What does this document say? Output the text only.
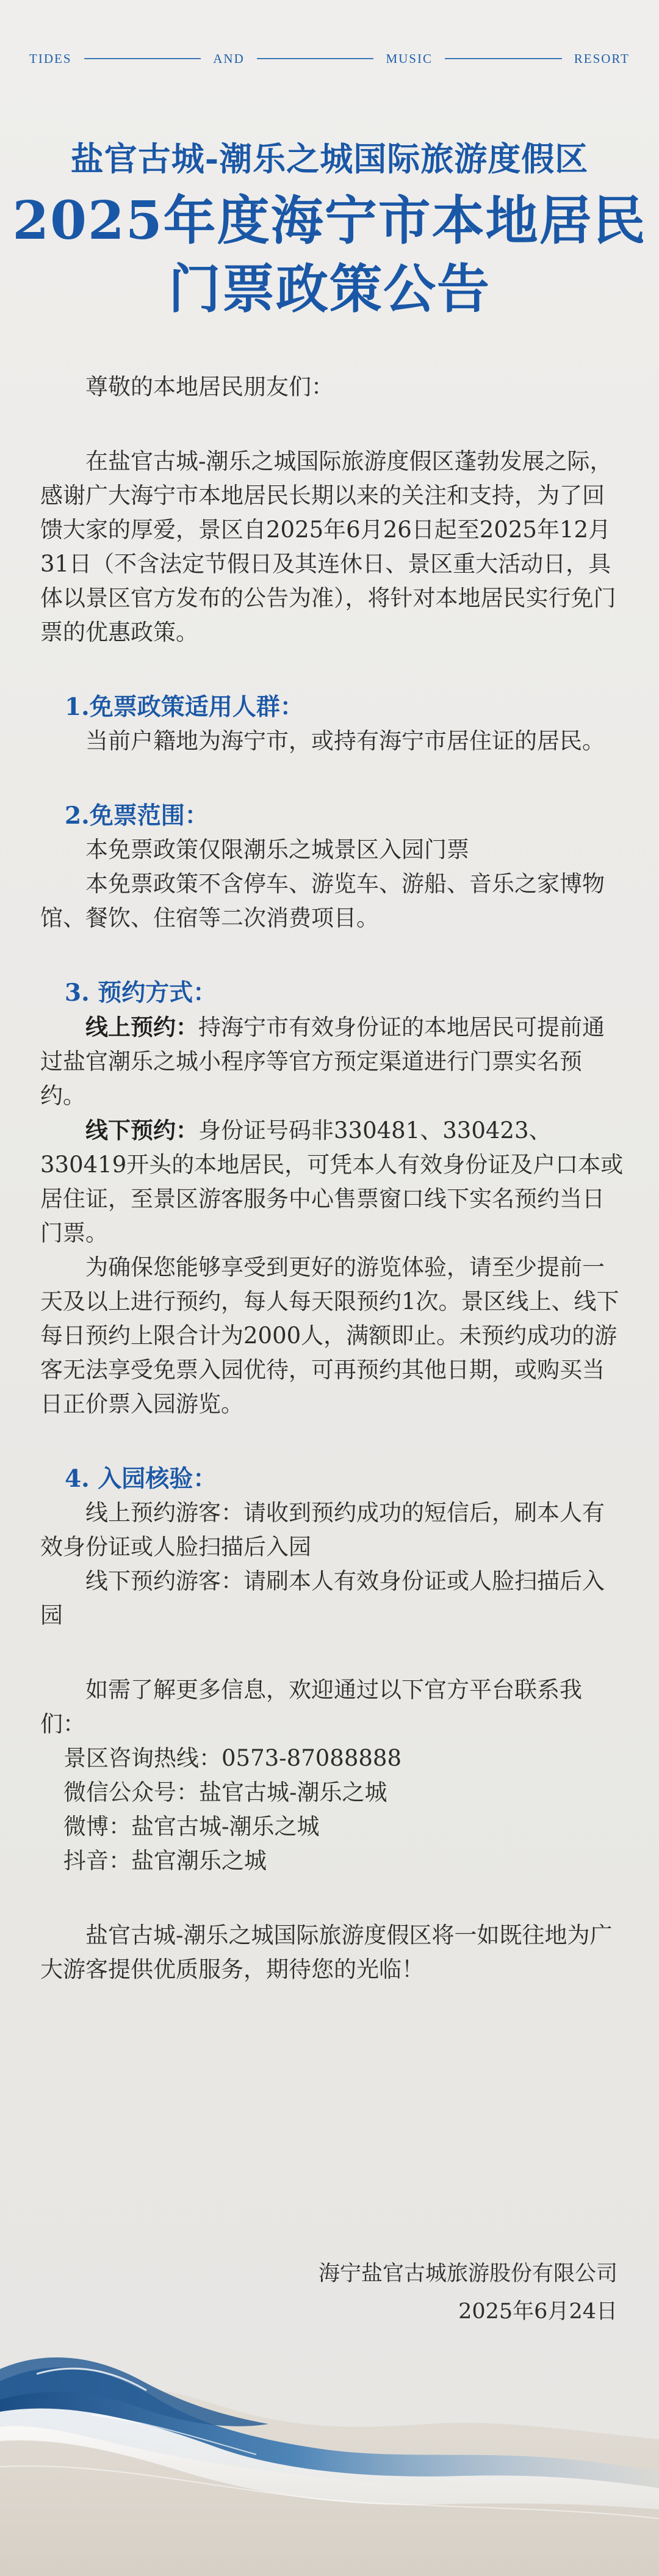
TIDES	AND	MUSIC	RESORT
盐官古城-潮乐之城国际旅游度假区
2025年度海宁市本地居民
门票政策公告

尊敬的本地居民朋友们：

在盐官古城-潮乐之城国际旅游度假区蓬勃发展之际，感谢广大海宁市本地居民长期以来的关注和支持，为了回馈大家的厚爱，景区自2025年6月26日起至2025年12月31日（不含法定节假日及其连休日、景区重大活动日，具体以景区官方发布的公告为准），将针对本地居民实行免门票的优惠政策。

1.免票政策适用人群：

当前户籍地为海宁市，或持有海宁市居住证的居民。

2.免票范围：

本免票政策仅限潮乐之城景区入园门票

本免票政策不含停车、游览车、游船、音乐之家博物馆、餐饮、住宿等二次消费项目。

3. 预约方式：

线上预约：持海宁市有效身份证的本地居民可提前通过盐官潮乐之城小程序等官方预定渠道进行门票实名预约。

线下预约：身份证号码非330481、330423、330419开头的本地居民，可凭本人有效身份证及户口本或居住证，至景区游客服务中心售票窗口线下实名预约当日门票。

为确保您能够享受到更好的游览体验，请至少提前一天及以上进行预约，每人每天限预约1次。景区线上、线下每日预约上限合计为2000人，满额即止。未预约成功的游客无法享受免票入园优待，可再预约其他日期，或购买当日正价票入园游览。

4. 入园核验：

线上预约游客：请收到预约成功的短信后，刷本人有效身份证或人脸扫描后入园

线下预约游客：请刷本人有效身份证或人脸扫描后入园

如需了解更多信息，欢迎通过以下官方平台联系我们：

景区咨询热线：0573-87088888

微信公众号：盐官古城-潮乐之城

微博：盐官古城-潮乐之城

抖音：盐官潮乐之城

盐官古城-潮乐之城国际旅游度假区将一如既往地为广大游客提供优质服务，期待您的光临！

海宁盐官古城旅游股份有限公司
2025年6月24日
